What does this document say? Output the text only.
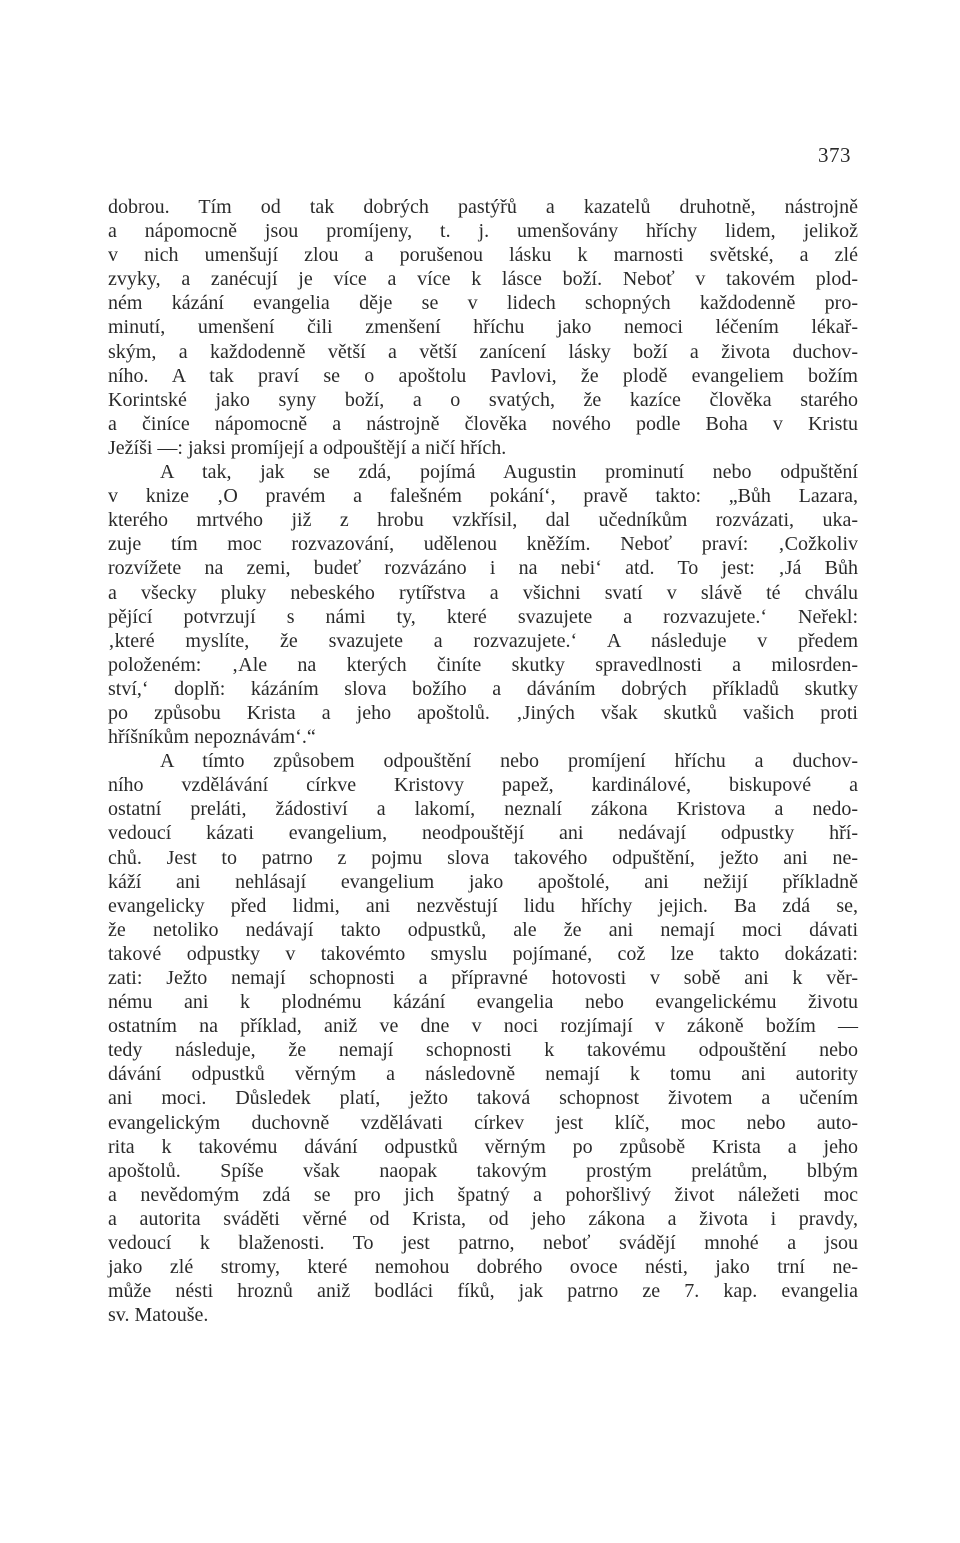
373
dobrou. Tím od tak dobrých pastýřů a kazatelů druhotně, nástrojně
a nápomocně jsou promíjeny, t. j. umenšovány hříchy lidem, jelikož
v nich umenšují zlou a porušenou lásku k marnosti světské, a zlé
zvyky, a zanécují je více a více k lásce boží. Neboť v takovém plod-
ném kázání evangelia děje se v lidech schopných každodenně pro-
minutí, umenšení čili zmenšení hříchu jako nemoci léčením lékař-
ským, a každodenně větší a větší zanícení lásky boží a života duchov-
ního. A tak praví se o apoštolu Pavlovi, že plodě evangeliem božím
Korintské jako syny boží, a o svatých, že kazíce člověka starého
a činíce nápomocně a nástrojně člověka nového podle Boha v Kristu
Ježíši —: jaksi promíjejí a odpouštějí a ničí hřích.
A tak, jak se zdá, pojímá Augustin prominutí nebo odpuštění
v knize ‚O pravém a falešném pokání‘, pravě takto: „Bůh Lazara,
kterého mrtvého již z hrobu vzkřísil, dal učedníkům rozvázati, uka-
zuje tím moc rozvazování, udělenou kněžím. Neboť praví: ‚Cožkoliv
rozvížete na zemi, budeť rozvázáno i na nebi‘ atd. To jest: ‚Já Bůh
a všecky pluky nebeského rytířstva a všichni svatí v slávě té chválu
pějící potvrzují s námi ty, které svazujete a rozvazujete.‘ Neřekl:
‚které myslíte, že svazujete a rozvazujete.‘ A následuje v předem
položeném: ‚Ale na kterých činíte skutky spravedlnosti a milosrden-
ství,‘ doplň: kázáním slova božího a dáváním dobrých příkladů skutky
po způsobu Krista a jeho apoštolů. ‚Jiných však skutků vašich proti
hříšníkům nepoznávám‘.“
A tímto způsobem odpouštění nebo promíjení hříchu a duchov-
ního vzdělávání církve Kristovy papež, kardinálové, biskupové a
ostatní preláti, žádostiví a lakomí, neznalí zákona Kristova a nedo-
vedoucí kázati evangelium, neodpouštějí ani nedávají odpustky hří-
chů. Jest to patrno z pojmu slova takového odpuštění, ježto ani ne-
káží ani nehlásají evangelium jako apoštolé, ani nežijí příkladně
evangelicky před lidmi, ani nezvěstují lidu hříchy jejich. Ba zdá se,
že netoliko nedávají takto odpustků, ale že ani nemají moci dávati
takové odpustky v takovémto smyslu pojímané, což lze takto dokázati:
zati: Ježto nemají schopnosti a přípravné hotovosti v sobě ani k věr-
nému ani k plodnému kázání evangelia nebo evangelickému životu
ostatním na příklad, aniž ve dne v noci rozjímají v zákoně božím —
tedy následuje, že nemají schopnosti k takovému odpouštění nebo
dávání odpustků věrným a následovně nemají k tomu ani autority
ani moci. Důsledek platí, ježto taková schopnost životem a učením
evangelickým duchovně vzdělávati církev jest klíč, moc nebo auto-
rita k takovému dávání odpustků věrným po způsobě Krista a jeho
apoštolů. Spíše však naopak takovým prostým prelátům, blbým
a nevědomým zdá se pro jich špatný a pohoršlivý život náležeti moc
a autorita sváděti věrné od Krista, od jeho zákona a života i pravdy,
vedoucí k blaženosti. To jest patrno, neboť svádějí mnohé a jsou
jako zlé stromy, které nemohou dobrého ovoce nésti, jako trní ne-
může nésti hroznů aniž bodláci fíků, jak patrno ze 7. kap. evangelia
sv. Matouše.
